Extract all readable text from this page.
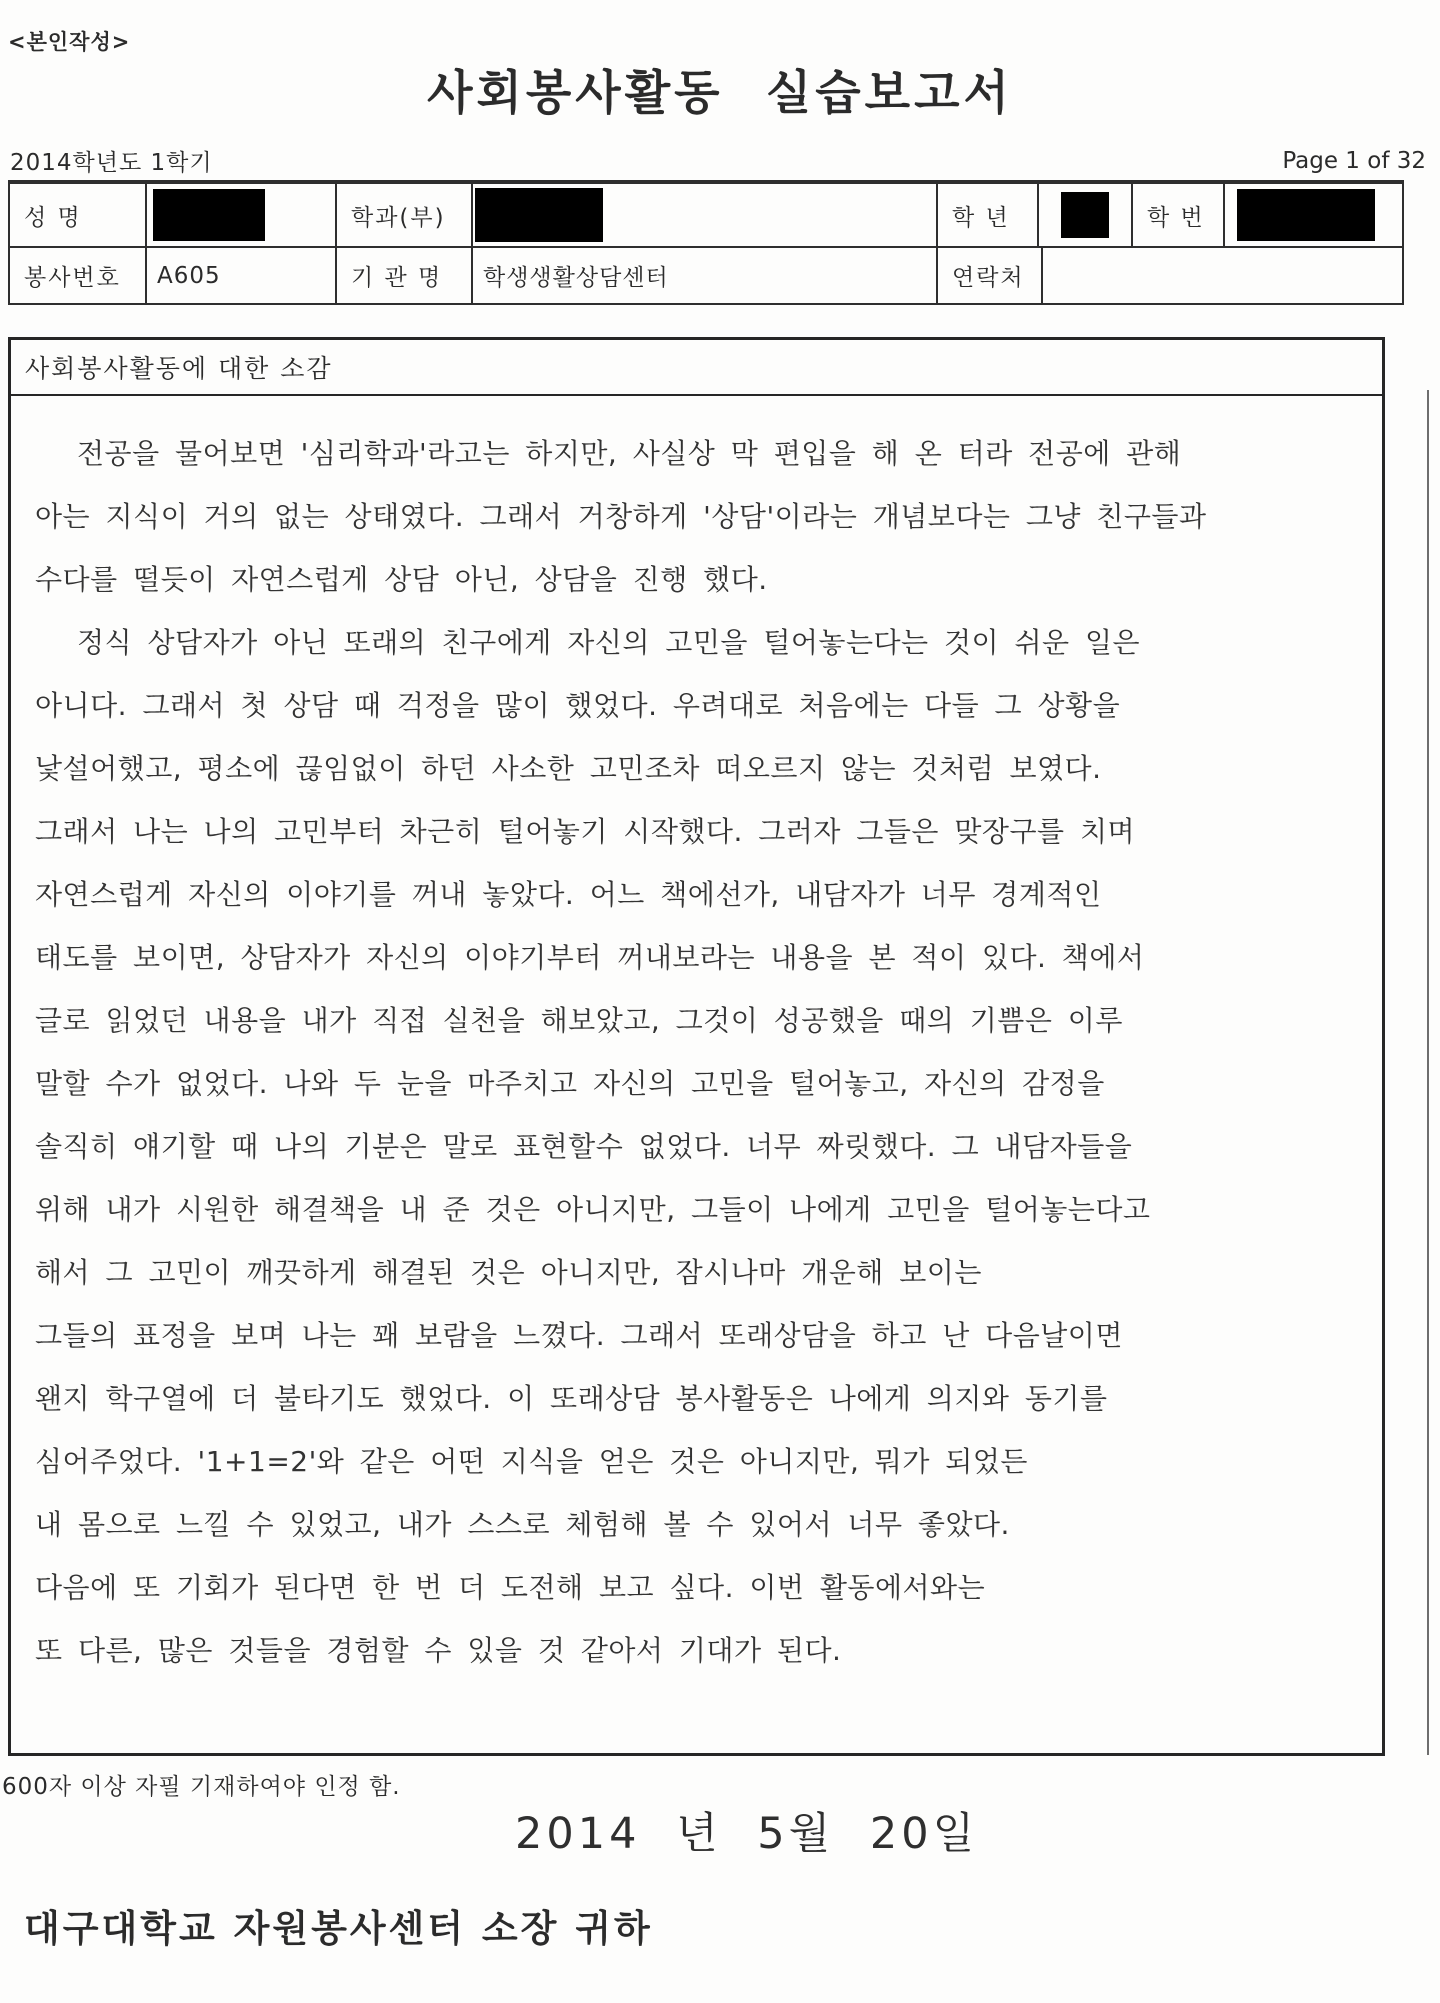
<본인작성>
사회봉사활동 실습보고서
2014학년도 1학기	Page 1 of 32
성 명	학과(부)	학 년	학 번
봉사번호	A605	기 관 명	학생생활상담센터	연락처
사회봉사활동에 대한 소감
전공을 물어보면 '심리학과'라고는 하지만, 사실상 막 편입을 해 온 터라 전공에 관해
아는 지식이 거의 없는 상태였다. 그래서 거창하게 '상담'이라는 개념보다는 그냥 친구들과
수다를 떨듯이 자연스럽게 상담 아닌, 상담을 진행 했다.
정식 상담자가 아닌 또래의 친구에게 자신의 고민을 털어놓는다는 것이 쉬운 일은
아니다. 그래서 첫 상담 때 걱정을 많이 했었다. 우려대로 처음에는 다들 그 상황을
낯설어했고, 평소에 끊임없이 하던 사소한 고민조차 떠오르지 않는 것처럼 보였다.
그래서 나는 나의 고민부터 차근히 털어놓기 시작했다. 그러자 그들은 맞장구를 치며
자연스럽게 자신의 이야기를 꺼내 놓았다. 어느 책에선가, 내담자가 너무 경계적인
태도를 보이면, 상담자가 자신의 이야기부터 꺼내보라는 내용을 본 적이 있다. 책에서
글로 읽었던 내용을 내가 직접 실천을 해보았고, 그것이 성공했을 때의 기쁨은 이루
말할 수가 없었다. 나와 두 눈을 마주치고 자신의 고민을 털어놓고, 자신의 감정을
솔직히 얘기할 때 나의 기분은 말로 표현할수 없었다. 너무 짜릿했다. 그 내담자들을
위해 내가 시원한 해결책을 내 준 것은 아니지만, 그들이 나에게 고민을 털어놓는다고
해서 그 고민이 깨끗하게 해결된 것은 아니지만, 잠시나마 개운해 보이는
그들의 표정을 보며 나는 꽤 보람을 느꼈다. 그래서 또래상담을 하고 난 다음날이면
왠지 학구열에 더 불타기도 했었다. 이 또래상담 봉사활동은 나에게 의지와 동기를
심어주었다. '1+1=2'와 같은 어떤 지식을 얻은 것은 아니지만, 뭐가 되었든
내 몸으로 느낄 수 있었고, 내가 스스로 체험해 볼 수 있어서 너무 좋았다.
다음에 또 기회가 된다면 한 번 더 도전해 보고 싶다. 이번 활동에서와는
또 다른, 많은 것들을 경험할 수 있을 것 같아서 기대가 된다.
600자 이상 자필 기재하여야 인정 함.
2014 년 5월 20일
대구대학교 자원봉사센터 소장 귀하
